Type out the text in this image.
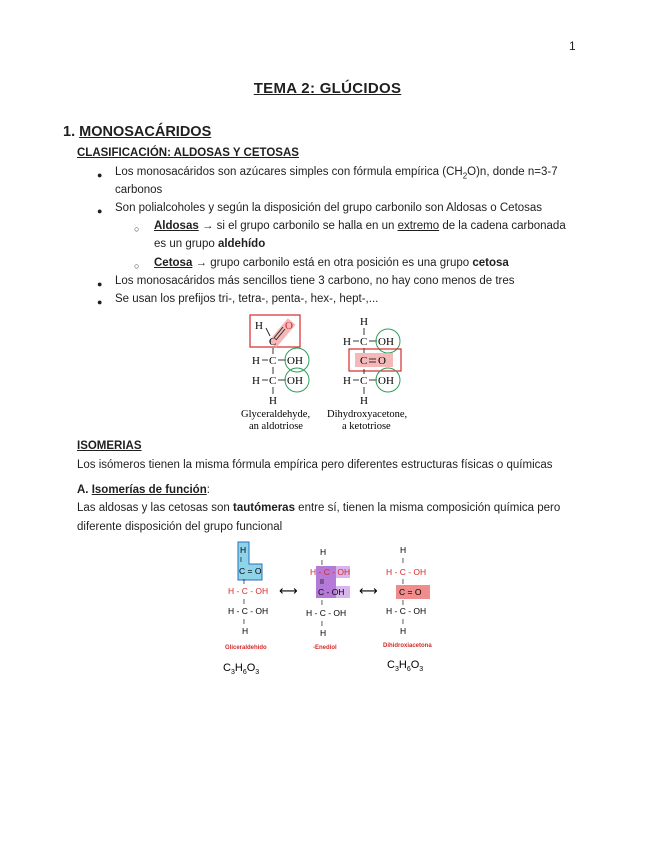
1
TEMA 2: GLÚCIDOS
1. MONOSACÁRIDOS
CLASIFICACIÓN: ALDOSAS Y CETOSAS
● Los monosacáridos son azúcares simples con fórmula empírica $(CH_2O)n$, donde n=3-7
carbonos
● Son polialcoholes y según la disposición del grupo carbonilo son Aldosas o Cetosas
○ Aldosas → si el grupo carbonilo se halla en un extremo de la cadena carbonada
es un grupo aldehído
○ Cetosa → grupo carbonilo está en otra posición es una grupo cetosa
● Los monosacáridos más sencillos tiene 3 carbono, no hay cono menos de tres
● Se usan los prefijos tri-, tetra-, penta-, hex-, hept-,...
H O
C
H C OH
H C OH
H
Glyceraldehyde,
an aldotriose
H
H C OH
C O
H C OH
H
Dihydroxyacetone,
a ketotriose
ISOMERIAS
Los isómeros tienen la misma fórmula empírica pero diferentes estructuras físicas o químicas
A. Isomerías de función:
Las aldosas y las cetosas son tautómeras entre sí, tienen la misma composición química pero
diferente disposición del grupo funcional
H
I
C = O
I
H - C - OH
I
H - C - OH
I
H
Gliceraldehído
$C_3H_6O_3$
⟷
H
I
H - C - OH
II
C - OH
I
H - C - OH
I
H
-Enediol
⟷
H
I
H - C - OH
I
C = O
I
H - C - OH
I
H
Dihidroxiacetona
$C_3H_6O_3$
